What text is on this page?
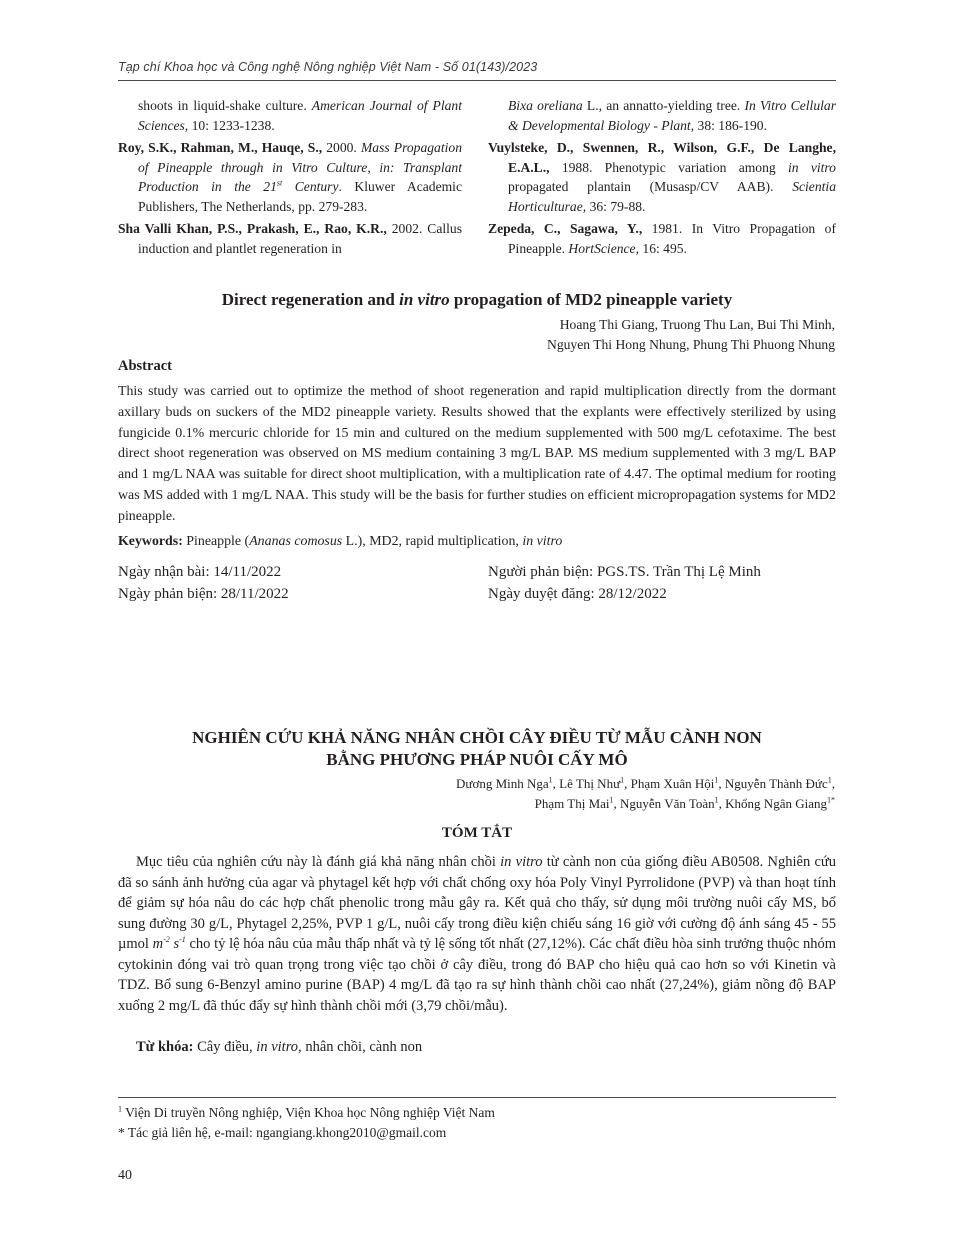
Tạp chí Khoa học và Công nghệ Nông nghiệp Việt Nam - Số 01(143)/2023

shoots in liquid-shake culture. American Journal of Plant Sciences, 10: 1233-1238.

Roy, S.K., Rahman, M., Hauqe, S., 2000. Mass Propagation of Pineapple through in Vitro Culture, in: Transplant Production in the 21st Century. Kluwer Academic Publishers, The Netherlands, pp. 279-283.

Sha Valli Khan, P.S., Prakash, E., Rao, K.R., 2002. Callus induction and plantlet regeneration in

Bixa oreliana L., an annatto-yielding tree. In Vitro Cellular & Developmental Biology - Plant, 38: 186-190.

Vuylsteke, D., Swennen, R., Wilson, G.F., De Langhe, E.A.L., 1988. Phenotypic variation among in vitro propagated plantain (Musasp/CV AAB). Scientia Horticulturae, 36: 79-88.

Zepeda, C., Sagawa, Y., 1981. In Vitro Propagation of Pineapple. HortScience, 16: 495.

Direct regeneration and in vitro propagation of MD2 pineapple variety
Hoang Thi Giang, Truong Thu Lan, Bui Thi Minh,
Nguyen Thi Hong Nhung, Phung Thi Phuong Nhung
Abstract

This study was carried out to optimize the method of shoot regeneration and rapid multiplication directly from the dormant axillary buds on suckers of the MD2 pineapple variety. Results showed that the explants were effectively sterilized by using fungicide 0.1% mercuric chloride for 15 min and cultured on the medium supplemented with 500 mg/L cefotaxime. The best direct shoot regeneration was observed on MS medium containing 3 mg/L BAP. MS medium supplemented with 3 mg/L BAP and 1 mg/L NAA was suitable for direct shoot multiplication, with a multiplication rate of 4.47. The optimal medium for rooting was MS added with 1 mg/L NAA. This study will be the basis for further studies on efficient micropropagation systems for MD2 pineapple.

Keywords: Pineapple (Ananas comosus L.), MD2, rapid multiplication, in vitro
Ngày nhận bài: 14/11/2022
Ngày phản biện: 28/11/2022
Người phản biện: PGS.TS. Trần Thị Lệ Minh
Ngày duyệt đăng: 28/12/2022
NGHIÊN CỨU KHẢ NĂNG NHÂN CHỒI CÂY ĐIỀU TỪ MẪU CÀNH NON
BẰNG PHƯƠNG PHÁP NUÔI CẤY MÔ
Dương Minh Nga$^1$, Lê Thị Như$^1$, Phạm Xuân Hội$^1$, Nguyễn Thành Đức$^1$,
Phạm Thị Mai$^1$, Nguyễn Văn Toàn$^1$, Khổng Ngân Giang$^{1*}$
TÓM TẮT

Mục tiêu của nghiên cứu này là đánh giá khả năng nhân chồi in vitro từ cành non của giống điều AB0508. Nghiên cứu đã so sánh ảnh hưởng của agar và phytagel kết hợp với chất chống oxy hóa Poly Vinyl Pyrrolidone (PVP) và than hoạt tính để giảm sự hóa nâu do các hợp chất phenolic trong mẫu gây ra. Kết quả cho thấy, sử dụng môi trường nuôi cấy MS, bổ sung đường 30 g/L, Phytagel 2,25%, PVP 1 g/L, nuôi cấy trong điều kiện chiếu sáng 16 giờ với cường độ ánh sáng 45 - 55 µmol $m^{-2}$ $s^{-1}$ cho tỷ lệ hóa nâu của mẫu thấp nhất và tỷ lệ sống tốt nhất (27,12%). Các chất điều hòa sinh trưởng thuộc nhóm cytokinin đóng vai trò quan trọng trong việc tạo chồi ở cây điều, trong đó BAP cho hiệu quả cao hơn so với Kinetin và TDZ. Bổ sung 6-Benzyl amino purine (BAP) 4 mg/L đã tạo ra sự hình thành chồi cao nhất (27,24%), giảm nồng độ BAP xuống 2 mg/L đã thúc đẩy sự hình thành chồi mới (3,79 chồi/mẫu).

Từ khóa: Cây điều, in vitro, nhân chồi, cành non
$^1$ Viện Di truyền Nông nghiệp, Viện Khoa học Nông nghiệp Việt Nam
* Tác giả liên hệ, e-mail: ngangiang.khong2010@gmail.com
40
